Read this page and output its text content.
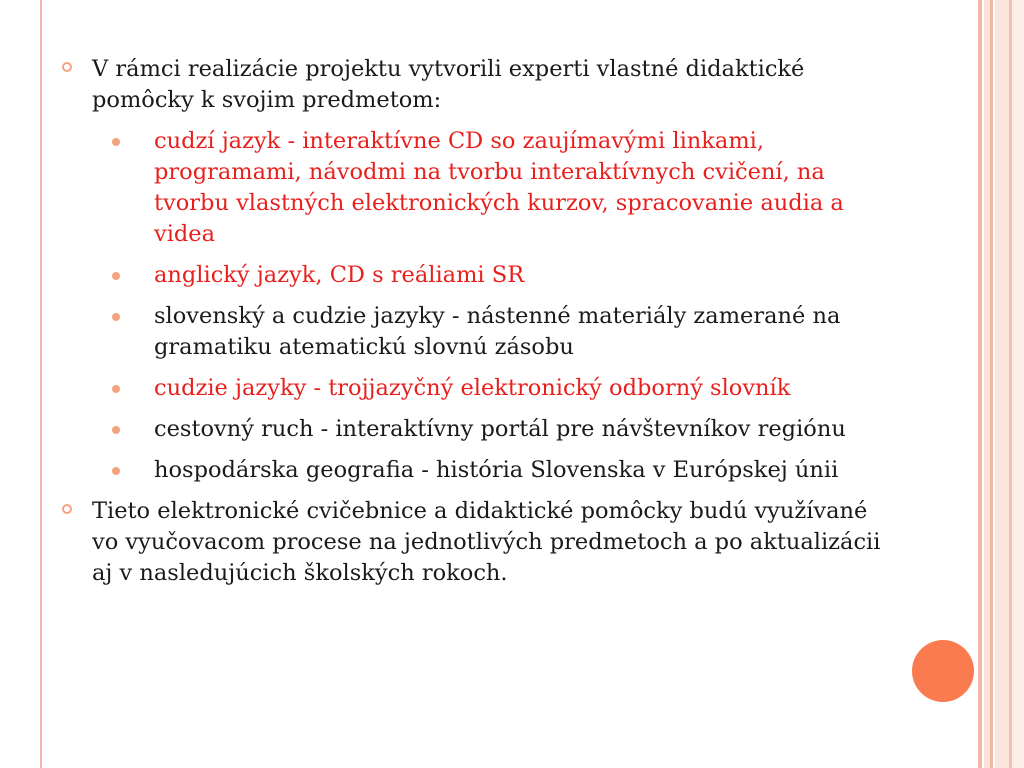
V rámci realizácie projektu vytvorili experti vlastné didaktické pomôcky k svojim predmetom:
cudzí jazyk - interaktívne CD so zaujímavými linkami, programami, návodmi na tvorbu interaktívnych cvičení, na tvorbu vlastných elektronických kurzov, spracovanie audia a videa
anglický jazyk, CD s reáliami SR
slovenský a cudzie jazyky - nástenné materiály zamerané na gramatiku atematickú slovnú zásobu
cudzie jazyky - trojjazyčný elektronický odborný slovník
cestovný ruch - interaktívny portál pre návštevníkov regiónu
hospodárska geografia - história Slovenska v Európskej únii
Tieto elektronické cvičebnice a didaktické pomôcky budú využívané vo vyučovacom procese na jednotlivých predmetoch a po aktualizácii aj v nasledujúcich školských rokoch.
